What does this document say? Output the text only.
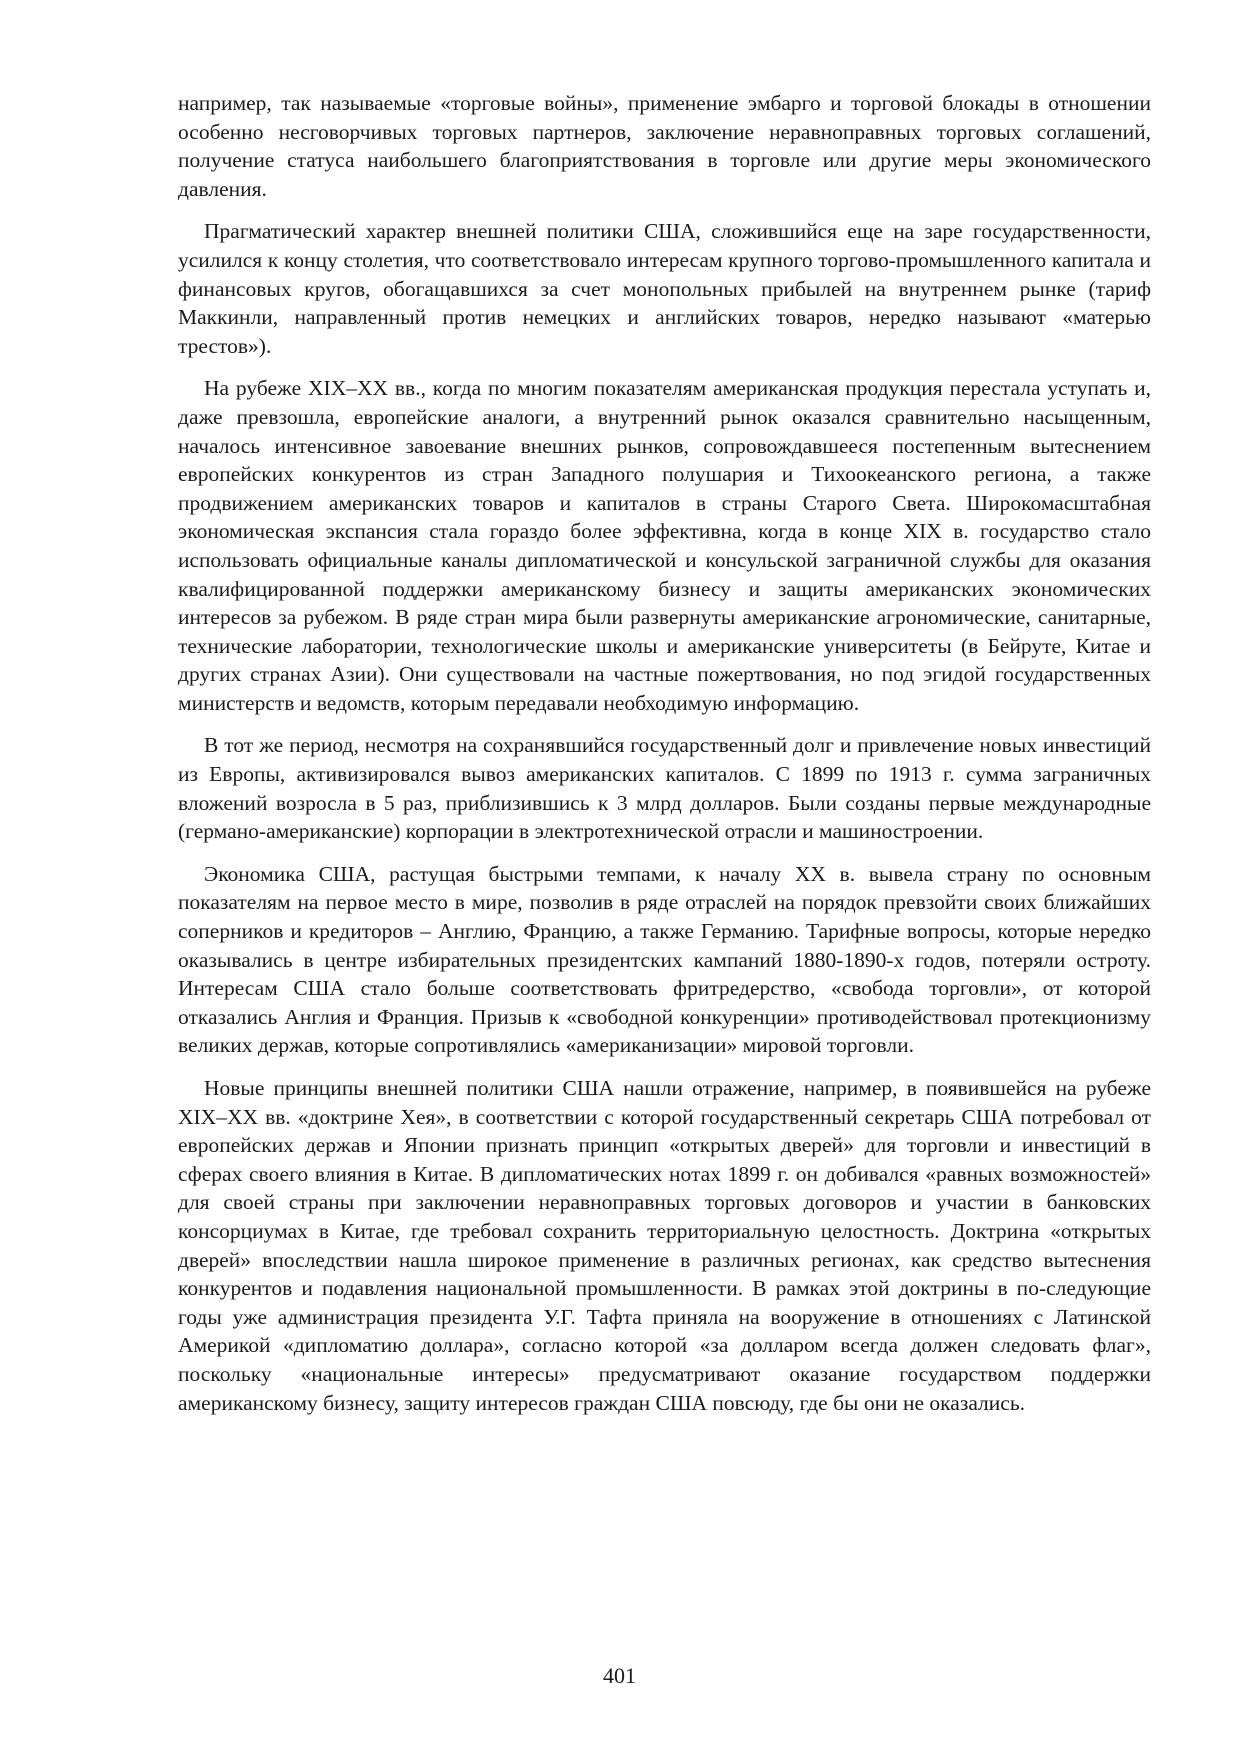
например, так называемые «торговые войны», применение эмбарго и торговой блокады в отношении особенно несговорчивых торговых партнеров, заключение неравноправных торговых соглашений, получение статуса наибольшего благоприятствования в торговле или другие меры экономического давления.

Прагматический характер внешней политики США, сложившийся еще на заре государственности, усилился к концу столетия, что соответствовало интересам крупного торгово-промышленного капитала и финансовых кругов, обогащавшихся за счет монопольных прибылей на внутреннем рынке (тариф Маккинли, направленный против немецких и английских товаров, нередко называют «матерью трестов»).

На рубеже XIX–XX вв., когда по многим показателям американская продукция перестала уступать и, даже превзошла, европейские аналоги, а внутренний рынок оказался сравнительно насыщенным, началось интенсивное завоевание внешних рынков, сопровождавшееся постепенным вытеснением европейских конкурентов из стран Западного полушария и Тихоокеанского региона, а также продвижением американских товаров и капиталов в страны Старого Света. Широкомасштабная экономическая экспансия стала гораздо более эффективна, когда в конце XIX в. государство стало использовать официальные каналы дипломатической и консульской заграничной службы для оказания квалифицированной поддержки американскому бизнесу и защиты американских экономических интересов за рубежом. В ряде стран мира были развернуты американские агрономические, санитарные, технические лаборатории, технологические школы и американские университеты (в Бейруте, Китае и других странах Азии). Они существовали на частные пожертвования, но под эгидой государственных министерств и ведомств, которым передавали необходимую информацию.

В тот же период, несмотря на сохранявшийся государственный долг и привлечение новых инвестиций из Европы, активизировался вывоз американских капиталов. С 1899 по 1913 г. сумма заграничных вложений возросла в 5 раз, приблизившись к 3 млрд долларов. Были созданы первые международные (германо-американские) корпорации в электротехнической отрасли и машиностроении.

Экономика США, растущая быстрыми темпами, к началу XX в. вывела страну по основным показателям на первое место в мире, позволив в ряде отраслей на порядок превзойти своих ближайших соперников и кредиторов – Англию, Францию, а также Германию. Тарифные вопросы, которые нередко оказывались в центре избирательных президентских кампаний 1880-1890-х годов, потеряли остроту. Интересам США стало больше соответствовать фритредерство, «свобода торговли», от которой отказались Англия и Франция. Призыв к «свободной конкуренции» противодействовал протекционизму великих держав, которые сопротивлялись «американизации» мировой торговли.

Новые принципы внешней политики США нашли отражение, например, в появившейся на рубеже XIX–XX вв. «доктрине Хея», в соответствии с которой государственный секретарь США потребовал от европейских держав и Японии признать принцип «открытых дверей» для торговли и инвестиций в сферах своего влияния в Китае. В дипломатических нотах 1899 г. он добивался «равных возможностей» для своей страны при заключении неравноправных торговых договоров и участии в банковских консорциумах в Китае, где требовал сохранить территориальную целостность. Доктрина «открытых дверей» впоследствии нашла широкое применение в различных регионах, как средство вытеснения конкурентов и подавления национальной промышленности. В рамках этой доктрины в по-следующие годы уже администрация президента У.Г. Тафта приняла на вооружение в отношениях с Латинской Америкой «дипломатию доллара», согласно которой «за долларом всегда должен следовать флаг», поскольку «национальные интересы» предусматривают оказание государством поддержки американскому бизнесу, защиту интересов граждан США повсюду, где бы они не оказались.

401
